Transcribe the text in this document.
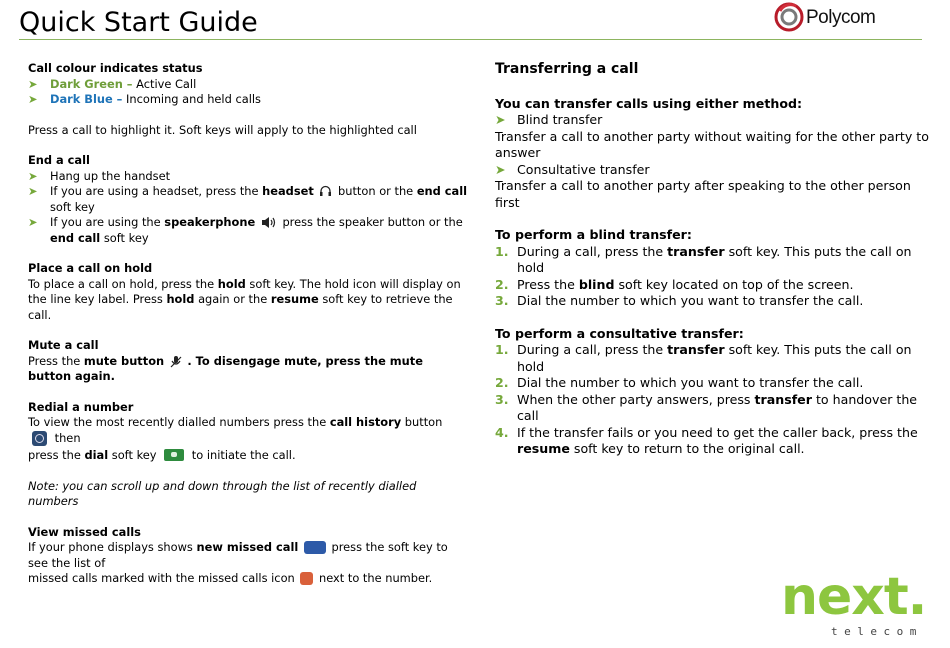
Quick Start Guide	Polycom
Call colour indicates status
➤ Dark Green – Active Call
➤ Dark Blue – Incoming and held calls
Press a call to highlight it. Soft keys will apply to the highlighted call
End a call
➤ Hang up the handset
➤ If you are using a headset, press the headset button or the end call soft key
➤ If you are using the speakerphone press the speaker button or the end call soft key
Place a call on hold
To place a call on hold, press the hold soft key. The hold icon will display on the line key label. Press hold again or the resume soft key to retrieve the call.
Mute a call
Press the mute button . To disengage mute, press the mute button again.
Redial a number
To view the most recently dialled numbers press the call history button  then
press the dial soft key	to initiate the call.
Note: you can scroll up and down through the list of recently dialled numbers
View missed calls
If your phone displays shows new missed call	press the soft key to see the list of
missed calls marked with the missed calls icon next to the number.
Transferring a call
You can transfer calls using either method:
➤ Blind transfer
Transfer a call to another party without waiting for the other party to answer
➤ Consultative transfer
Transfer a call to another party after speaking to the other person first
To perform a blind transfer:
1. During a call, press the transfer soft key. This puts the call on hold
2. Press the blind soft key located on top of the screen.
3. Dial the number to which you want to transfer the call.
To perform a consultative transfer:
1. During a call, press the transfer soft key. This puts the call on hold
2. Dial the number to which you want to transfer the call.
3. When the other party answers, press transfer to handover the call
4. If the transfer fails or you need to get the caller back, press the resume soft key to return to the original call.
next.
telecom
